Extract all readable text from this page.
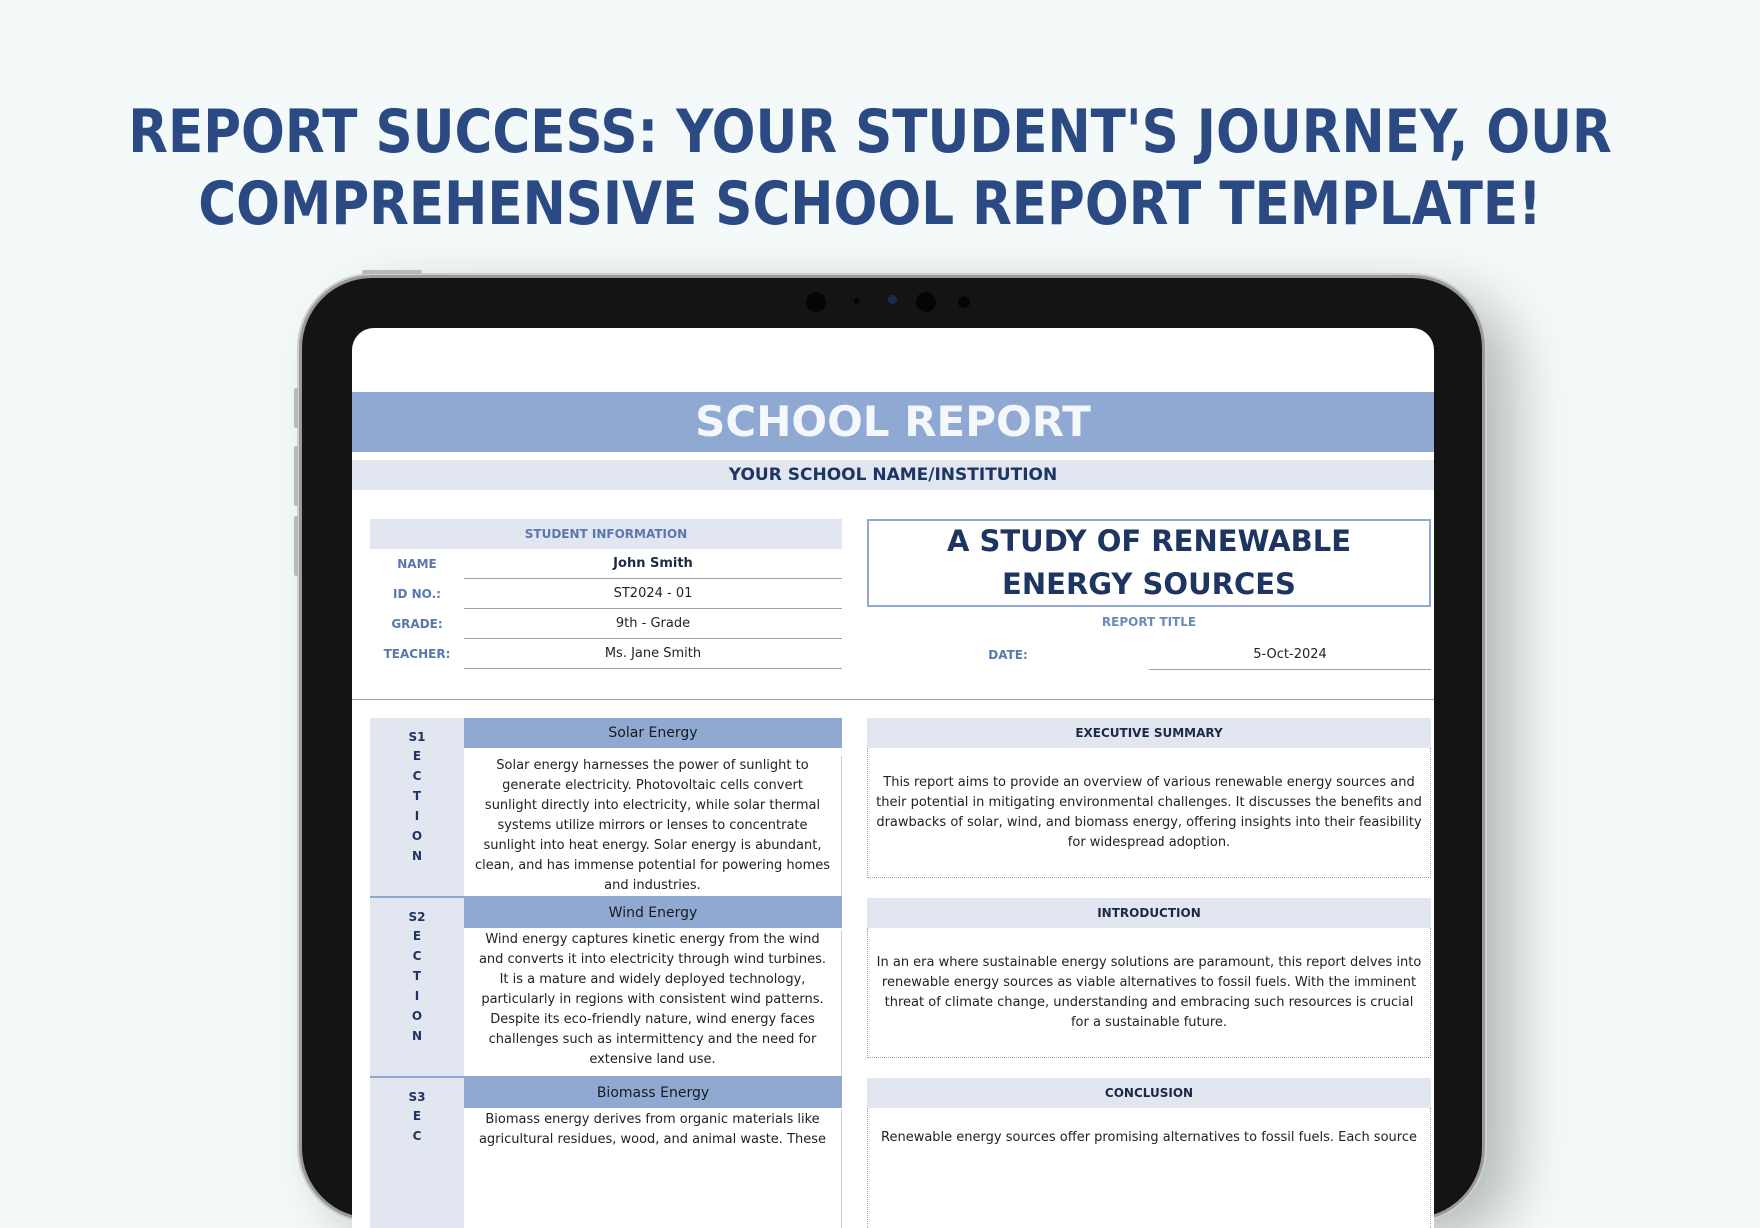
REPORT SUCCESS: YOUR STUDENT'S JOURNEY, OUR
COMPREHENSIVE SCHOOL REPORT TEMPLATE!
SCHOOL REPORT
YOUR SCHOOL NAME/INSTITUTION
STUDENT INFORMATION
NAME	John Smith
ID NO.:	ST2024 - 01
GRADE:	9th - Grade
TEACHER:	Ms. Jane Smith
A STUDY OF RENEWABLE ENERGY SOURCES
REPORT TITLE
DATE:	5-Oct-2024
S1
E
C
T
I
O
N
Solar Energy
Solar energy harnesses the power of sunlight to generate electricity. Photovoltaic cells convert sunlight directly into electricity, while solar thermal systems utilize mirrors or lenses to concentrate sunlight into heat energy. Solar energy is abundant, clean, and has immense potential for powering homes and industries.
S2
E
C
T
I
O
N
Wind Energy
Wind energy captures kinetic energy from the wind and converts it into electricity through wind turbines. It is a mature and widely deployed technology, particularly in regions with consistent wind patterns. Despite its eco-friendly nature, wind energy faces challenges such as intermittency and the need for extensive land use.
S3
E
C
Biomass Energy
Biomass energy derives from organic materials like agricultural residues, wood, and animal waste. These
EXECUTIVE SUMMARY
This report aims to provide an overview of various renewable energy sources and their potential in mitigating environmental challenges. It discusses the benefits and drawbacks of solar, wind, and biomass energy, offering insights into their feasibility for widespread adoption.
INTRODUCTION
In an era where sustainable energy solutions are paramount, this report delves into renewable energy sources as viable alternatives to fossil fuels. With the imminent threat of climate change, understanding and embracing such resources is crucial for a sustainable future.
CONCLUSION
Renewable energy sources offer promising alternatives to fossil fuels. Each source
